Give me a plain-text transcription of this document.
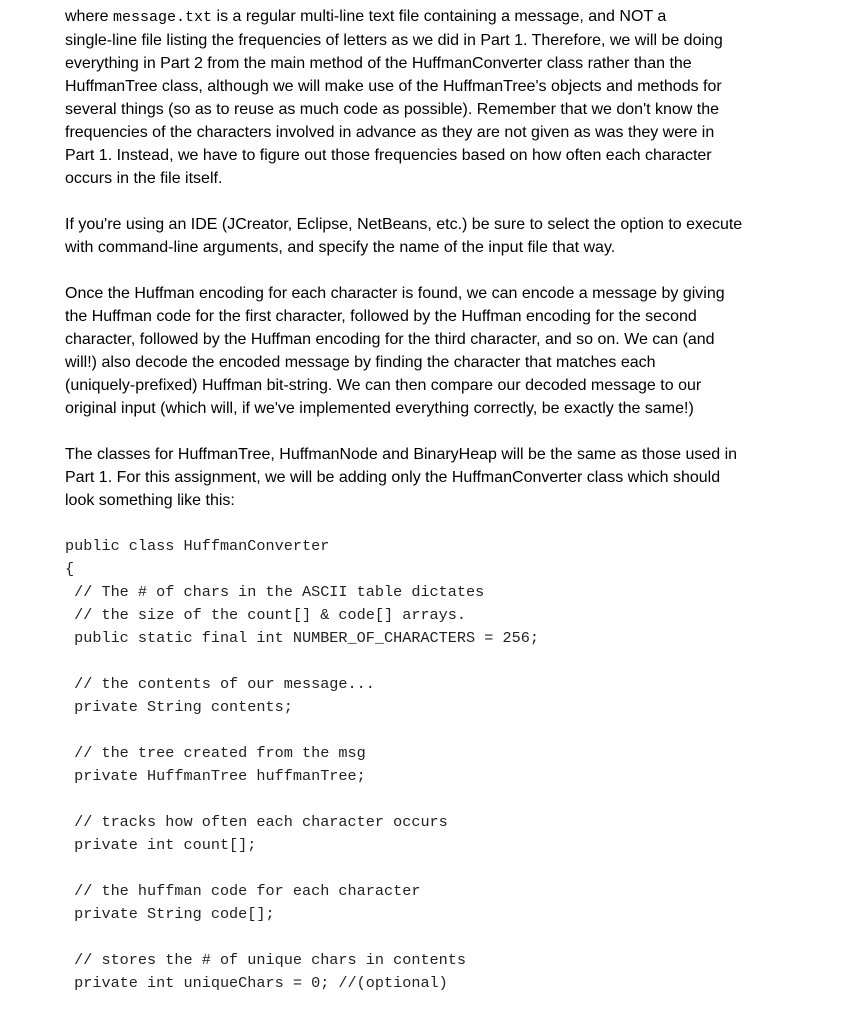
where message.txt is a regular multi-line text file containing a message, and NOT a
single-line file listing the frequencies of letters as we did in Part 1. Therefore, we will be doing
everything in Part 2 from the main method of the HuffmanConverter class rather than the
HuffmanTree class, although we will make use of the HuffmanTree's objects and methods for
several things (so as to reuse as much code as possible). Remember that we don't know the
frequencies of the characters involved in advance as they are not given as was they were in
Part 1. Instead, we have to figure out those frequencies based on how often each character
occurs in the file itself.

If you're using an IDE (JCreator, Eclipse, NetBeans, etc.) be sure to select the option to execute
with command-line arguments, and specify the name of the input file that way.

Once the Huffman encoding for each character is found, we can encode a message by giving
the Huffman code for the first character, followed by the Huffman encoding for the second
character, followed by the Huffman encoding for the third character, and so on. We can (and
will!) also decode the encoded message by finding the character that matches each
(uniquely-prefixed) Huffman bit-string. We can then compare our decoded message to our
original input (which will, if we've implemented everything correctly, be exactly the same!)

The classes for HuffmanTree, HuffmanNode and BinaryHeap will be the same as those used in
Part 1. For this assignment, we will be adding only the HuffmanConverter class which should
look something like this:

public class HuffmanConverter
{
// The # of chars in the ASCII table dictates
// the size of the count[] & code[] arrays.
public static final int NUMBER_OF_CHARACTERS = 256;
// the contents of our message...
private String contents;
// the tree created from the msg
private HuffmanTree huffmanTree;
// tracks how often each character occurs
private int count[];
// the huffman code for each character
private String code[];
// stores the # of unique chars in contents
private int uniqueChars = 0; //(optional)
